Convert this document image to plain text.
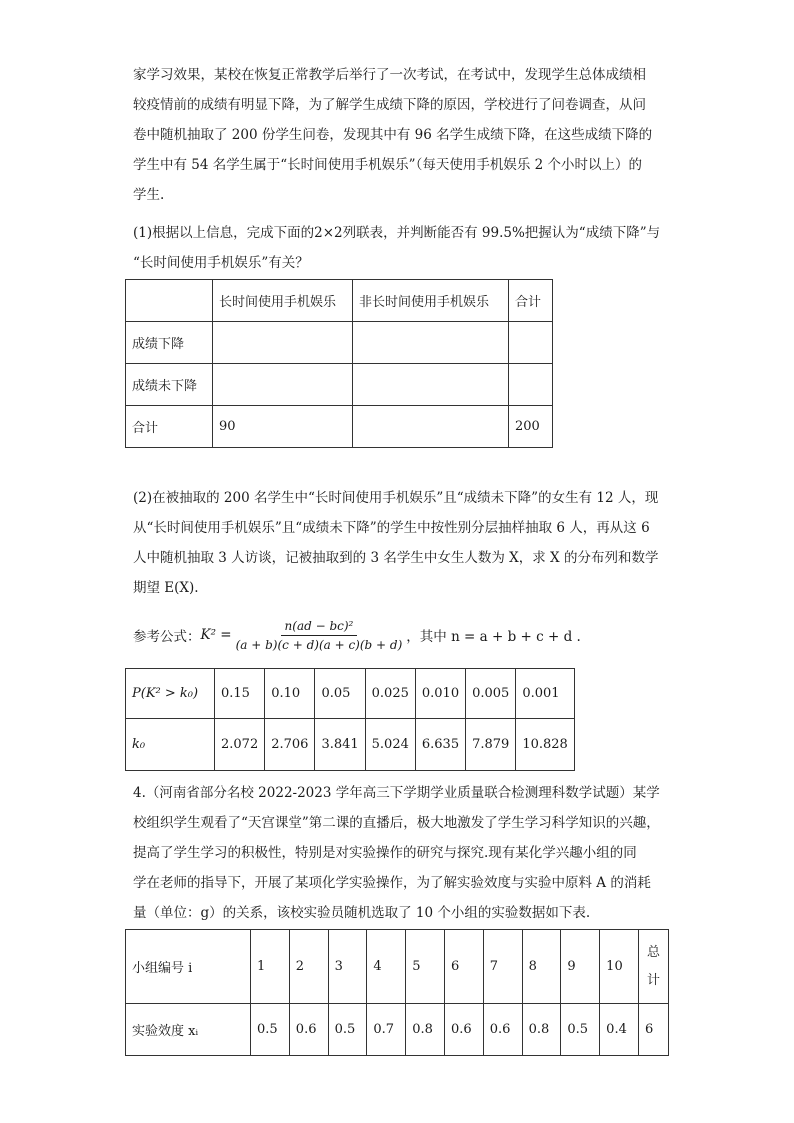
家学习效果，某校在恢复正常教学后举行了一次考试，在考试中，发现学生总体成绩相
较疫情前的成绩有明显下降，为了解学生成绩下降的原因，学校进行了问卷调查，从问
卷中随机抽取了 200 份学生问卷，发现其中有 96 名学生成绩下降，在这些成绩下降的
学生中有 54 名学生属于“长时间使用手机娱乐”（每天使用手机娱乐 2 个小时以上）的
学生.
(1)根据以上信息，完成下面的2×2列联表，并判断能否有 99.5%把握认为“成绩下降”与
“长时间使用手机娱乐”有关？
	长时间使用手机娱乐	非长时间使用手机娱乐	合计
成绩下降			
成绩未下降			
合计	90		200
(2)在被抽取的 200 名学生中“长时间使用手机娱乐”且“成绩未下降”的女生有 12 人，现
从“长时间使用手机娱乐”且“成绩未下降”的学生中按性别分层抽样抽取 6 人，再从这 6
人中随机抽取 3 人访谈，记被抽取到的 3 名学生中女生人数为 X，求 X 的分布列和数学
期望 E(X).
参考公式： $K^2 = \frac{\text{n(ad − bc)²}}{(a + b)(c + d)(a + c)(b + d)}$ ，其中 n = a + b + c + d .
P(K² > k₀)	0.15	0.10	0.05	0.025	0.010	0.005	0.001
k₀	2.072	2.706	3.841	5.024	6.635	7.879	10.828
4.（河南省部分名校 2022-2023 学年高三下学期学业质量联合检测理科数学试题）某学
校组织学生观看了“天宫课堂”第二课的直播后，极大地激发了学生学习科学知识的兴趣，
提高了学生学习的积极性，特别是对实验操作的研究与探究.现有某化学兴趣小组的同
学在老师的指导下，开展了某项化学实验操作，为了解实验效度与实验中原料 A 的消耗
量（单位：g）的关系，该校实验员随机选取了 10 个小组的实验数据如下表.
小组编号 i	1	2	3	4	5	6	7	8	9	10	总
计

实验效度 xᵢ	0.5	0.6	0.5	0.7	0.8	0.6	0.6	0.8	0.5	0.4	6
